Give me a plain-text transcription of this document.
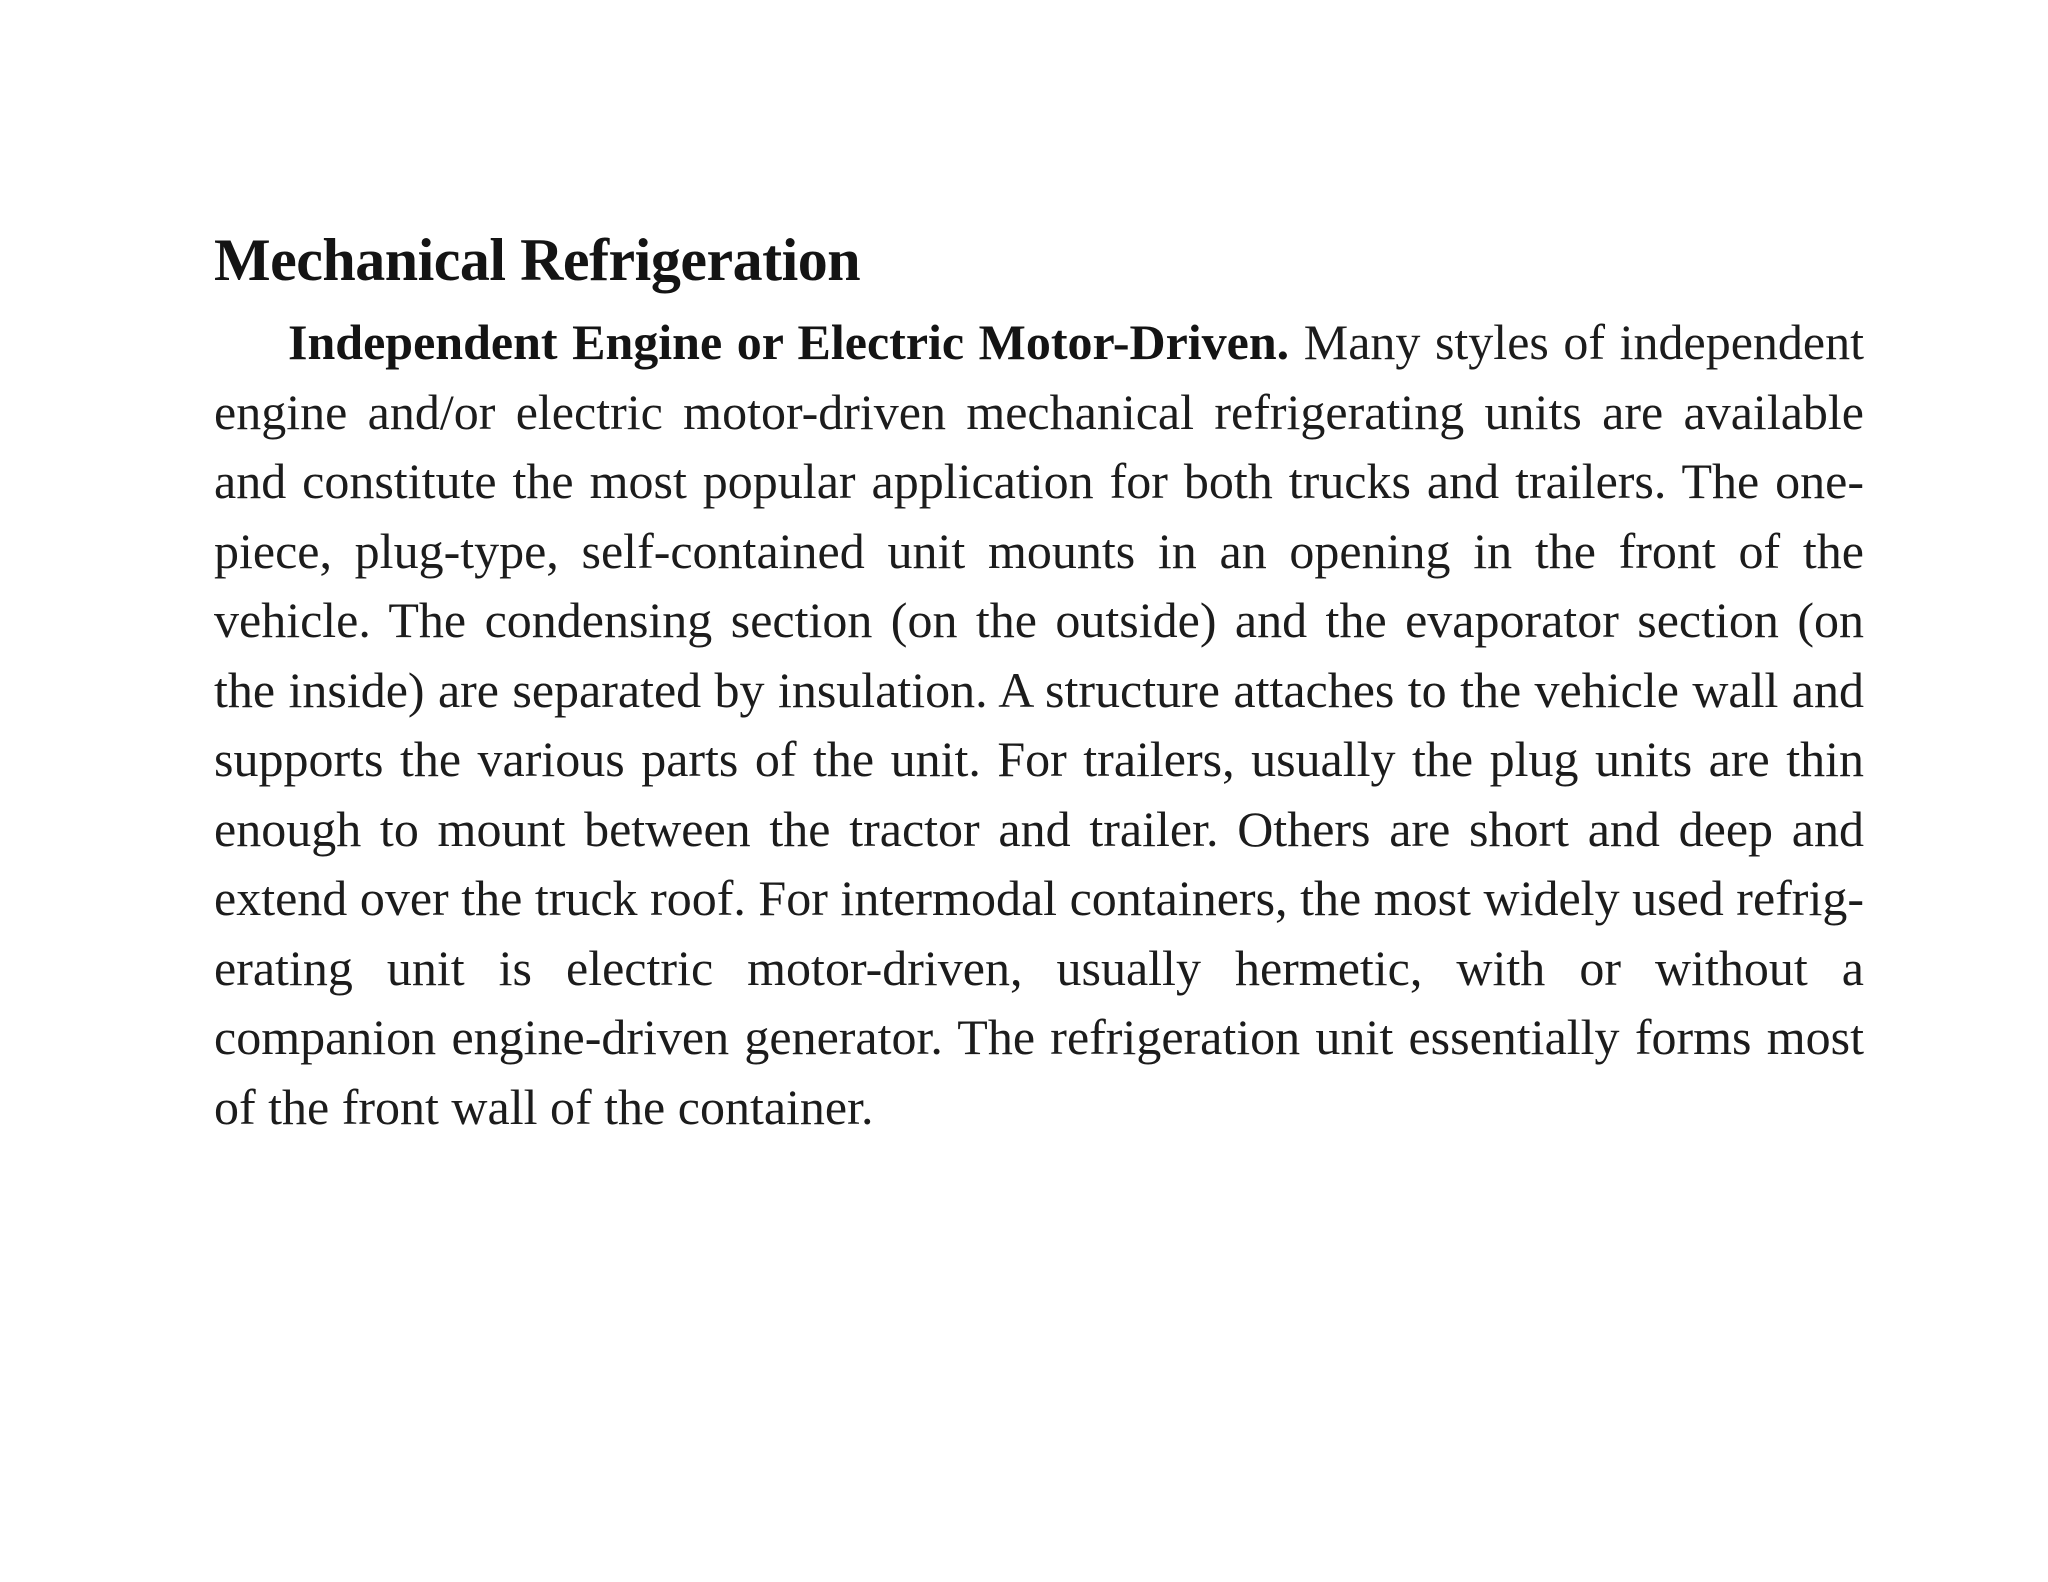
Mechanical Refrigeration

Independent Engine or Electric Motor-Driven. Many styles of independent engine and/or electric motor-driven mechanical refrigerating units are available and constitute the most popular application for both trucks and trailers. The one-piece, plug-type, self-contained unit mounts in an opening in the front of the vehicle. The condensing section (on the outside) and the evaporator section (on the inside) are separated by insulation. A structure attaches to the vehicle wall and supports the various parts of the unit. For trailers, usually the plug units are thin enough to mount between the tractor and trailer. Others are short and deep and extend over the truck roof. For intermodal containers, the most widely used refrigerating unit is electric motor-driven, usually hermetic, with or without a companion engine-driven generator. The refrigeration unit essentially forms most of the front wall of the container.
